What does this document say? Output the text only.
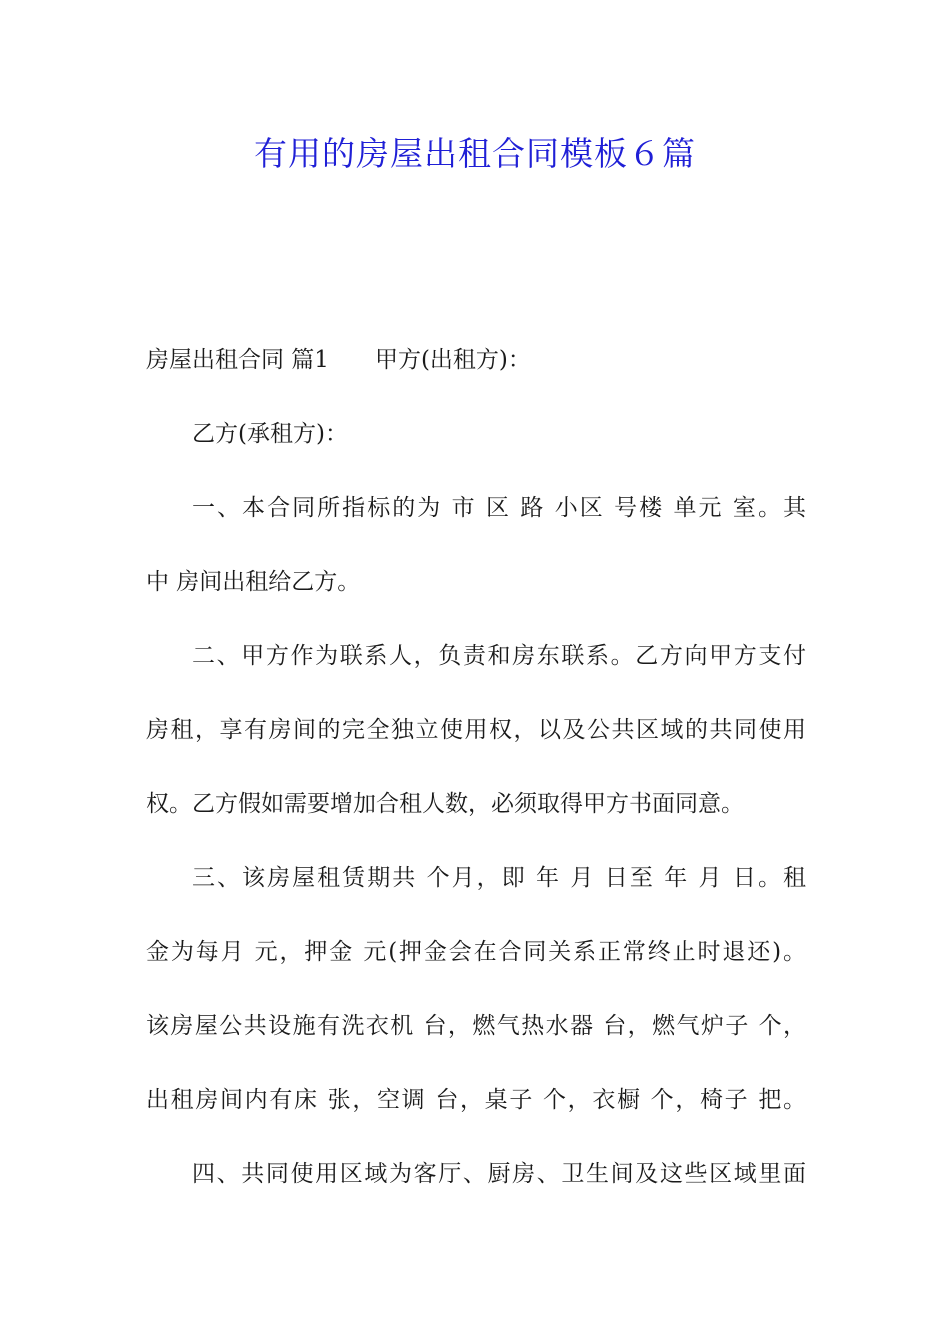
有用的房屋出租合同模板６篇
房屋出租合同 篇1 甲方(出租方)：
乙方(承租方)：
一、本合同所指标的为 市 区 路 小区 号楼 单元 室。其
中 房间出租给乙方。
二、甲方作为联系人，负责和房东联系。乙方向甲方支付
房租，享有房间的完全独立使用权，以及公共区域的共同使用
权。乙方假如需要增加合租人数，必须取得甲方书面同意。
三、该房屋租赁期共 个月，即 年 月 日至 年 月 日。租
金为每月 元，押金 元(押金会在合同关系正常终止时退还)。
该房屋公共设施有洗衣机 台，燃气热水器 台，燃气炉子 个，
出租房间内有床 张，空调 台，桌子 个，衣橱 个，椅子 把。
四、共同使用区域为客厅、厨房、卫生间及这些区域里面
